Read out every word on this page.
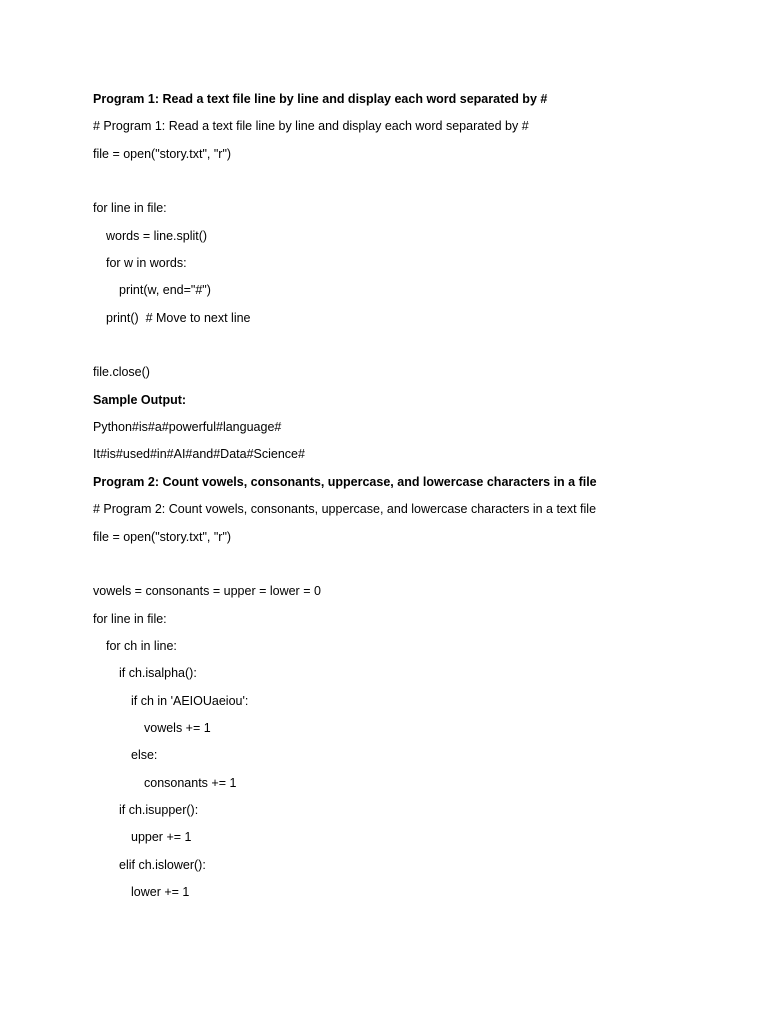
Program 1: Read a text file line by line and display each word separated by #
# Program 1: Read a text file line by line and display each word separated by #
file = open("story.txt", "r")
for line in file:
words = line.split()
for w in words:
print(w, end="#")
print()  # Move to next line
file.close()
Sample Output:
Python#is#a#powerful#language#
It#is#used#in#AI#and#Data#Science#
Program 2: Count vowels, consonants, uppercase, and lowercase characters in a file
# Program 2: Count vowels, consonants, uppercase, and lowercase characters in a text file
file = open("story.txt", "r")
vowels = consonants = upper = lower = 0
for line in file:
for ch in line:
if ch.isalpha():
if ch in 'AEIOUaeiou':
vowels += 1
else:
consonants += 1
if ch.isupper():
upper += 1
elif ch.islower():
lower += 1
